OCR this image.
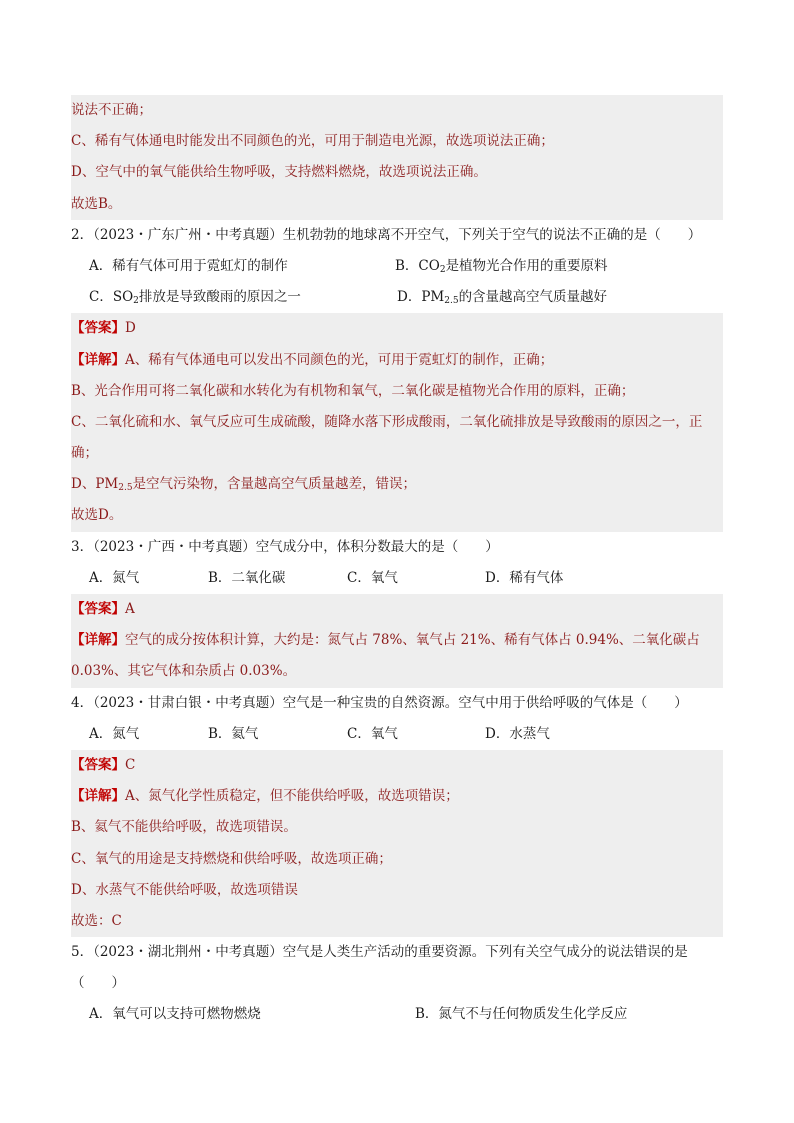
说法不正确；
C、稀有气体通电时能发出不同颜色的光，可用于制造电光源，故选项说法正确；
D、空气中的氧气能供给生物呼吸，支持燃料燃烧，故选项说法正确。
故选B。
2．（2023・广东广州・中考真题）生机勃勃的地球离不开空气，下列关于空气的说法不正确的是（　　）
A．稀有气体可用于霓虹灯的制作	B．$CO_2$是植物光合作用的重要原料
C．$SO_2$排放是导致酸雨的原因之一	D．$PM_{2.5}$的含量越高空气质量越好
【答案】D
【详解】A、稀有气体通电可以发出不同颜色的光，可用于霓虹灯的制作，正确；
B、光合作用可将二氧化碳和水转化为有机物和氧气，二氧化碳是植物光合作用的原料，正确；
C、二氧化硫和水、氧气反应可生成硫酸，随降水落下形成酸雨，二氧化硫排放是导致酸雨的原因之一，正
确；
D、$PM_{2.5}$是空气污染物，含量越高空气质量越差，错误；
故选D。
3．（2023・广西・中考真题）空气成分中，体积分数最大的是（　　）
A．氮气	B．二氧化碳	C．氧气	D．稀有气体
【答案】A
【详解】空气的成分按体积计算，大约是：氮气占 78%、氧气占 21%、稀有气体占 0.94%、二氧化碳占
0.03%、其它气体和杂质占 0.03%。
4．（2023・甘肃白银・中考真题）空气是一种宝贵的自然资源。空气中用于供给呼吸的气体是（　　）
A．氮气	B．氦气	C．氧气	D．水蒸气
【答案】C
【详解】A、氮气化学性质稳定，但不能供给呼吸，故选项错误；
B、氦气不能供给呼吸，故选项错误。
C、氧气的用途是支持燃烧和供给呼吸，故选项正确；
D、水蒸气不能供给呼吸，故选项错误
故选：C
5．（2023・湖北荆州・中考真题）空气是人类生产活动的重要资源。下列有关空气成分的说法错误的是
（　　）
A．氧气可以支持可燃物燃烧	B．氮气不与任何物质发生化学反应
